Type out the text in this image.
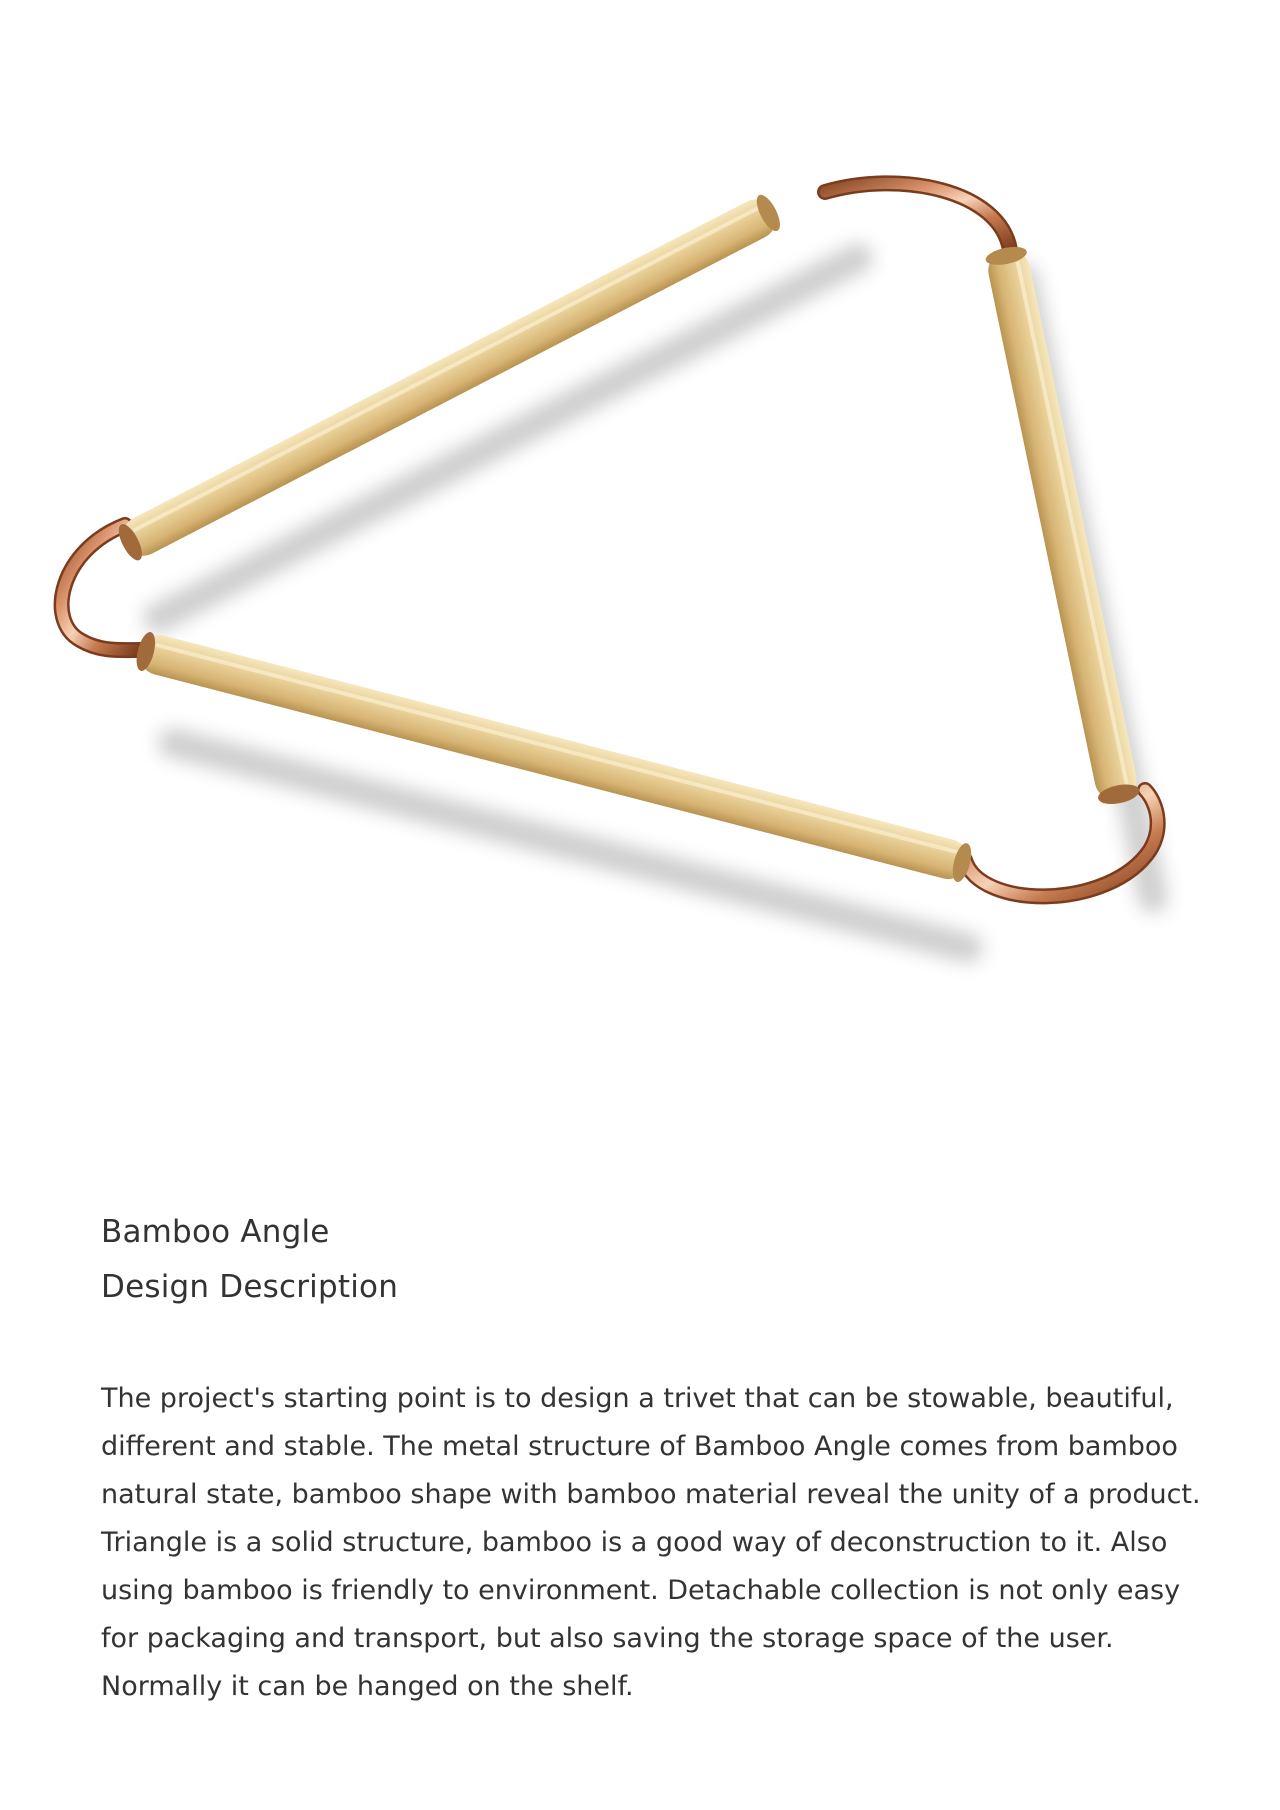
Bamboo Angle
Design Description

The project's starting point is to design a trivet that can be stowable, beautiful, different and stable. The metal structure of Bamboo Angle comes from bamboo natural state, bamboo shape with bamboo material reveal the unity of a product. Triangle is a solid structure, bamboo is a good way of deconstruction to it. Also using bamboo is friendly to environment. Detachable collection is not only easy for packaging and transport, but also saving the storage space of the user. Normally it can be hanged on the shelf.
